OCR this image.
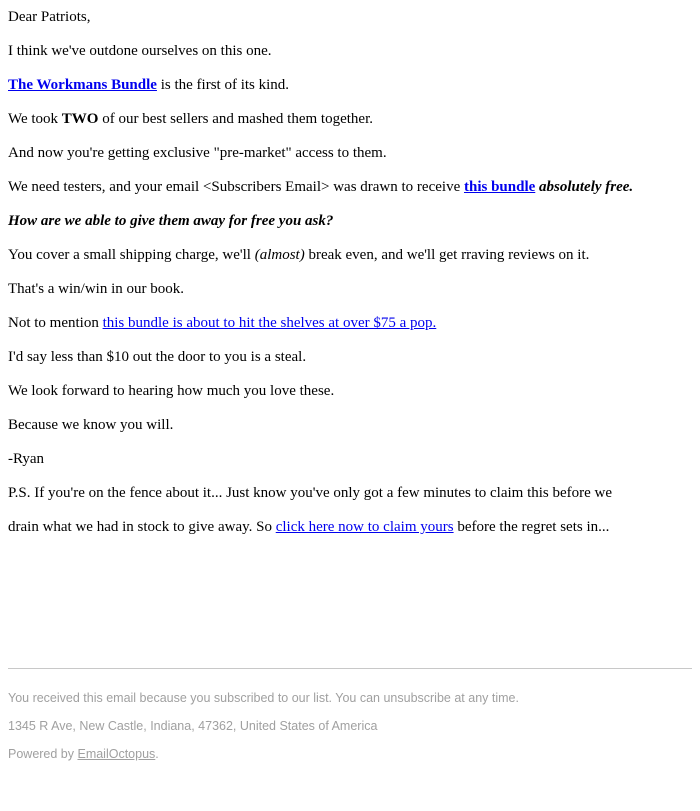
Dear Patriots,
I think we've outdone ourselves on this one.
The Workmans Bundle is the first of its kind.
We took TWO of our best sellers and mashed them together.
And now you're getting exclusive "pre-market" access to them.
We need testers, and your email <Subscribers Email> was drawn to receive this bundle absolutely free.
How are we able to give them away for free you ask?
You cover a small shipping charge, we'll (almost) break even, and we'll get rraving reviews on it.
That's a win/win in our book.
Not to mention this bundle is about to hit the shelves at over $75 a pop.
I'd say less than $10 out the door to you is a steal.
We look forward to hearing how much you love these.
Because we know you will.
-Ryan
P.S. If you're on the fence about it... Just know you've only got a few minutes to claim this before we
drain what we had in stock to give away. So click here now to claim yours before the regret sets in...
You received this email because you subscribed to our list. You can unsubscribe at any time.
1345 R Ave, New Castle, Indiana, 47362, United States of America
Powered by EmailOctopus.
